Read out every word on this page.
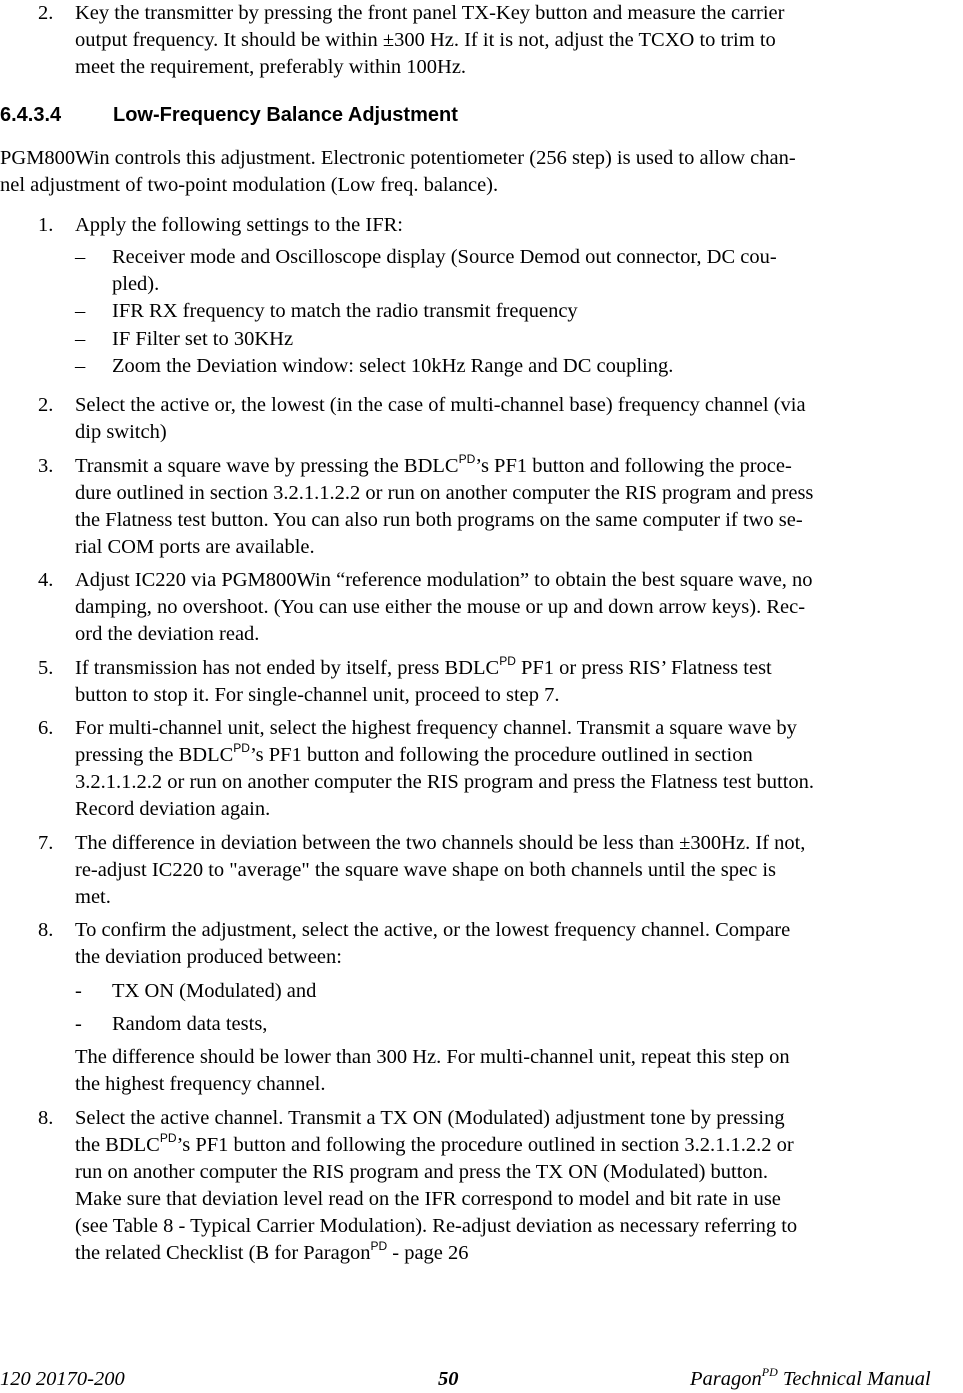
2. Key the transmitter by pressing the front panel TX-Key button and measure the carrier
output frequency. It should be within ±300 Hz. If it is not, adjust the TCXO to trim to
meet the requirement, preferably within 100Hz.
6.4.3.4	Low-Frequency Balance Adjustment
PGM800Win controls this adjustment. Electronic potentiometer (256 step) is used to allow chan-
nel adjustment of two-point modulation (Low freq. balance).
1. Apply the following settings to the IFR:
– Receiver mode and Oscilloscope display (Source Demod out connector, DC cou-
pled).
– IFR RX frequency to match the radio transmit frequency
– IF Filter set to 30KHz
– Zoom the Deviation window: select 10kHz Range and DC coupling.
2. Select the active or, the lowest (in the case of multi-channel base) frequency channel (via
dip switch)
3. Transmit a square wave by pressing the $BDLC^{PD}’s$ PF1 button and following the proce-
dure outlined in section 3.2.1.1.2.2 or run on another computer the RIS program and press
the Flatness test button. You can also run both programs on the same computer if two se-
rial COM ports are available.
4. Adjust IC220 via PGM800Win “reference modulation” to obtain the best square wave, no
damping, no overshoot. (You can use either the mouse or up and down arrow keys). Rec-
ord the deviation read.
5. If transmission has not ended by itself, press $BDLC^{PD}$ PF1 or press RIS’ Flatness test
button to stop it. For single-channel unit, proceed to step 7.
6. For multi-channel unit, select the highest frequency channel. Transmit a square wave by
pressing the $BDLC^{PD}’s$ PF1 button and following the procedure outlined in section
3.2.1.1.2.2 or run on another computer the RIS program and press the Flatness test button.
Record deviation again.
7. The difference in deviation between the two channels should be less than ±300Hz. If not,
re-adjust IC220 to "average" the square wave shape on both channels until the spec is
met.
8. To confirm the adjustment, select the active, or the lowest frequency channel. Compare
the deviation produced between:
- TX ON (Modulated) and
- Random data tests,
The difference should be lower than 300 Hz. For multi-channel unit, repeat this step on
the highest frequency channel.
8. Select the active channel. Transmit a TX ON (Modulated) adjustment tone by pressing
the $BDLC^{PD}’s$ PF1 button and following the procedure outlined in section 3.2.1.1.2.2 or
run on another computer the RIS program and press the TX ON (Modulated) button.
Make sure that deviation level read on the IFR correspond to model and bit rate in use
(see Table 8 - Typical Carrier Modulation). Re-adjust deviation as necessary referring to
the related Checklist (B for Paragon$^{PD}$ - page 26
120 20170-200	50	Paragon$^{PD}$ Technical Manual
